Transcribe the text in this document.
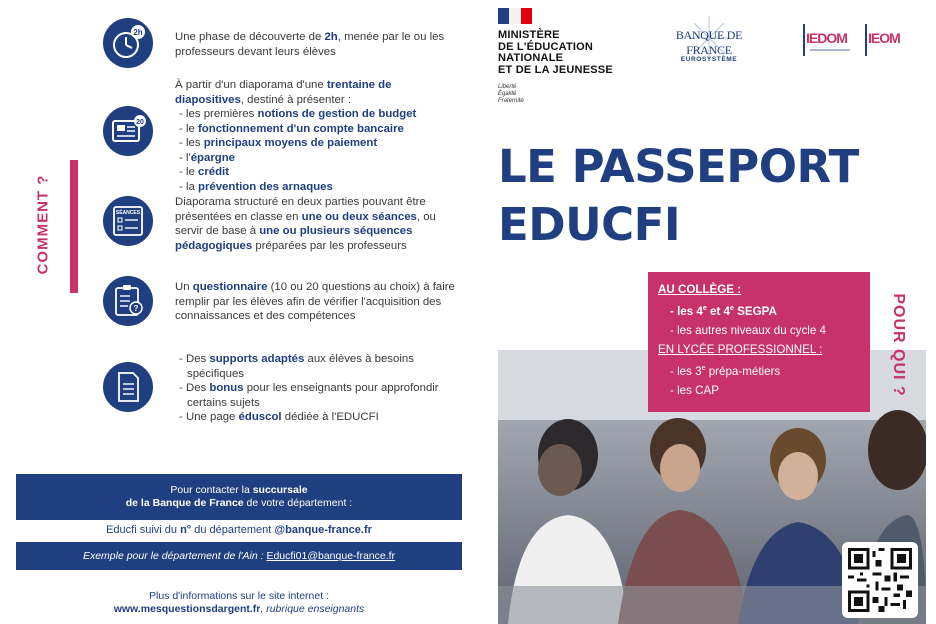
COMMENT ?
2h
20
SÉANCES
?
Une phase de découverte de 2h, menée par le ou les professeurs devant leurs élèves
À partir d'un diaporama d'une trentaine de diapositives, destiné à présenter :
- les premières notions de gestion de budget
- le fonctionnement d'un compte bancaire
- les principaux moyens de paiement
- l'épargne
- le crédit
- la prévention des arnaques
Diaporama structuré en deux parties pouvant être présentées en classe en une ou deux séances, ou servir de base à une ou plusieurs séquences pédagogiques préparées par les professeurs
Un questionnaire (10 ou 20 questions au choix) à faire remplir par les élèves afin de vérifier l'acquisition des connaissances et des compétences
- Des supports adaptés aux élèves à besoins spécifiques
- Des bonus pour les enseignants pour approfondir certains sujets
- Une page éduscol dédiée à l'EDUCFI
Pour contacter la succursale
de la Banque de France de votre département :
Educfi suivi du n° du département @banque-france.fr
Exemple pour le département de l'Ain : Educfi01@banque-france.fr
Plus d'informations sur le site internet :
www.mesquestionsdargent.fr, rubrique enseignants
MINISTÈRE
DE L'ÉDUCATION
NATIONALE
ET DE LA JEUNESSE
Liberté
Égalité
Fraternité
BANQUE DE FRANCE
EUROSYSTÈME
IEDOM IEOM
LE PASSEPORT
EDUCFI
AU COLLÈGE :
- les 4e et 4e SEGPA
- les autres niveaux du cycle 4
EN LYCÉE PROFESSIONNEL :
- les 3e prépa-métiers
- les CAP	POUR QUI ?
